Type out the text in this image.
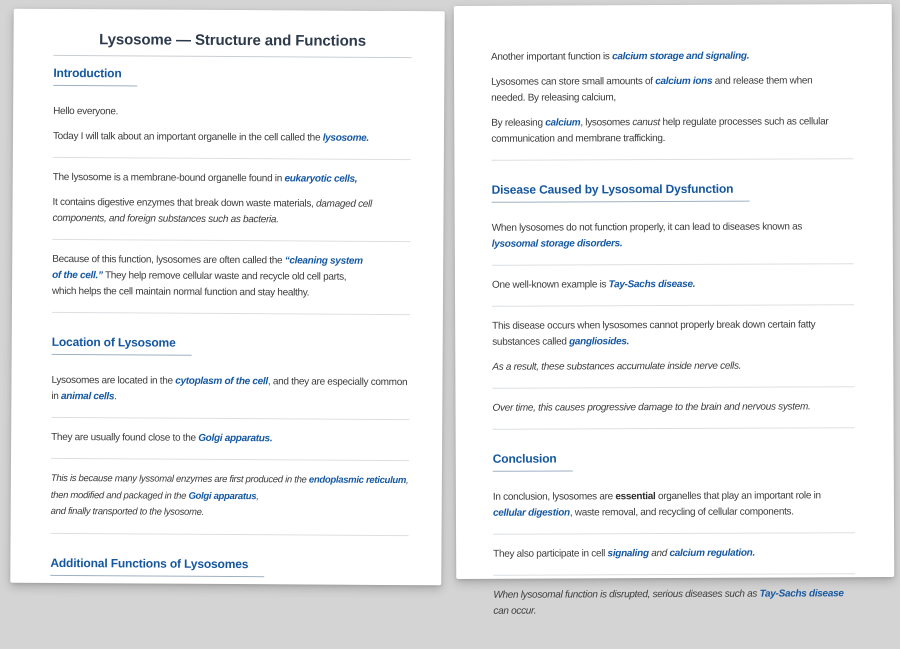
Lysosome — Structure and Functions
Introduction

Hello everyone.

Today I will talk about an important organelle in the cell called the lysosome.

The lysosome is a membrane-bound organelle found in eukaryotic cells,

It contains digestive enzymes that break down waste materials, damaged cell components, and foreign substances such as bacteria.

Because of this function, lysosomes are often called the “cleaning system
of the cell.” They help remove cellular waste and recycle old cell parts,
which helps the cell maintain normal function and stay healthy.

Location of Lysosome

Lysosomes are located in the cytoplasm of the cell, and they are especially common in animal cells.

They are usually found close to the Golgi apparatus.

This is because many lyssomal enzymes are first produced in the endoplasmic reticulum,
then modified and packaged in the Golgi apparatus,
and finally transported to the lysosome.

Additional Functions of Lysosomes

Another important function is calcium storage and signaling.

Lysosomes can store small amounts of calcium ions and release them when
needed. By releasing calcium,

By releasing calcium, lysosomes canust help regulate processes such as cellular
communication and membrane trafficking.

Disease Caused by Lysosomal Dysfunction

When lysosomes do not function properly, it can lead to diseases known as
lysosomal storage disorders.

One well-known example is Tay-Sachs disease.

This disease occurs when lysosomes cannot properly break down certain fatty substances called gangliosides.

As a result, these substances accumulate inside nerve cells.

Over time, this causes progressive damage to the brain and nervous system.

Conclusion

In conclusion, lysosomes are essential organelles that play an important role in
cellular digestion, waste removal, and recycling of cellular components.

They also participate in cell signaling and calcium regulation.

When lysosomal function is disrupted, serious diseases such as Tay-Sachs disease
can occur.
